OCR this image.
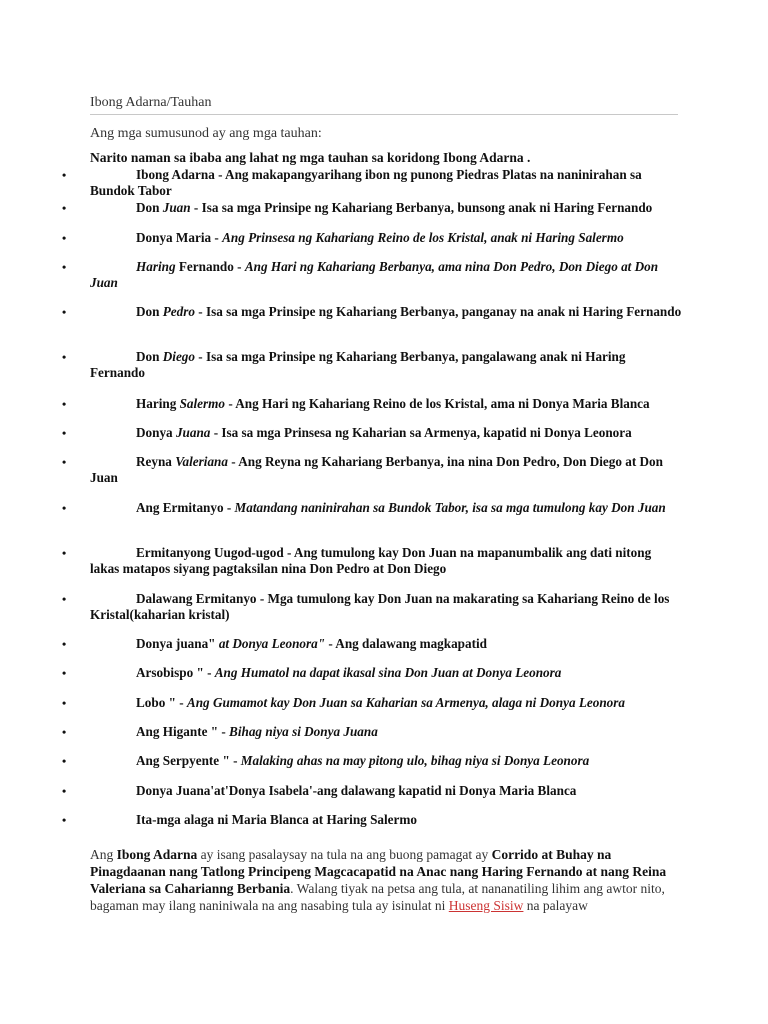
Ibong Adarna/Tauhan
Ang mga sumusunod ay ang mga tauhan:
Narito naman sa ibaba ang lahat ng mga tauhan sa koridong Ibong Adarna .
•	Ibong Adarna - Ang makapangyarihang ibon ng punong Piedras Platas na naninirahan sa Bundok Tabor
•	Don Juan - Isa sa mga Prinsipe ng Kahariang Berbanya, bunsong anak ni Haring Fernando
•	Donya Maria - Ang Prinsesa ng Kahariang Reino de los Kristal, anak ni Haring Salermo
•	Haring Fernando - Ang Hari ng Kahariang Berbanya, ama nina Don Pedro, Don Diego at Don Juan
•	Don Pedro - Isa sa mga Prinsipe ng Kahariang Berbanya, panganay na anak ni Haring Fernando
•	Don Diego - Isa sa mga Prinsipe ng Kahariang Berbanya, pangalawang anak ni Haring Fernando
•	Haring Salermo - Ang Hari ng Kahariang Reino de los Kristal, ama ni Donya Maria Blanca
•	Donya Juana - Isa sa mga Prinsesa ng Kaharian sa Armenya, kapatid ni Donya Leonora
•	Reyna Valeriana - Ang Reyna ng Kahariang Berbanya, ina nina Don Pedro, Don Diego at Don Juan
•	Ang Ermitanyo - Matandang naninirahan sa Bundok Tabor, isa sa mga tumulong kay Don Juan
•	Ermitanyong Uugod-ugod - Ang tumulong kay Don Juan na mapanumbalik ang dati nitong lakas matapos siyang pagtaksilan nina Don Pedro at Don Diego
•	Dalawang Ermitanyo - Mga tumulong kay Don Juan na makarating sa Kahariang Reino de los Kristal(kaharian kristal)
•	Donya juana" at Donya Leonora" - Ang dalawang magkapatid
•	Arsobispo " - Ang Humatol na dapat ikasal sina Don Juan at Donya Leonora
•	Lobo " - Ang Gumamot kay Don Juan sa Kaharian sa Armenya, alaga ni Donya Leonora
•	Ang Higante " - Bihag niya si Donya Juana
•	Ang Serpyente " - Malaking ahas na may pitong ulo, bihag niya si Donya Leonora
•	Donya Juana'at'Donya Isabela'-ang dalawang kapatid ni Donya Maria Blanca
•	Ita-mga alaga ni Maria Blanca at Haring Salermo
Ang Ibong Adarna ay isang pasalaysay na tula na ang buong pamagat ay Corrido at Buhay na Pinagdaanan nang Tatlong Principeng Magcacapatid na Anac nang Haring Fernando at nang Reina Valeriana sa Caharianng Berbania. Walang tiyak na petsa ang tula, at nananatiling lihim ang awtor nito, bagaman may ilang naniniwala na ang nasabing tula ay isinulat ni Huseng Sisiw na palayaw
